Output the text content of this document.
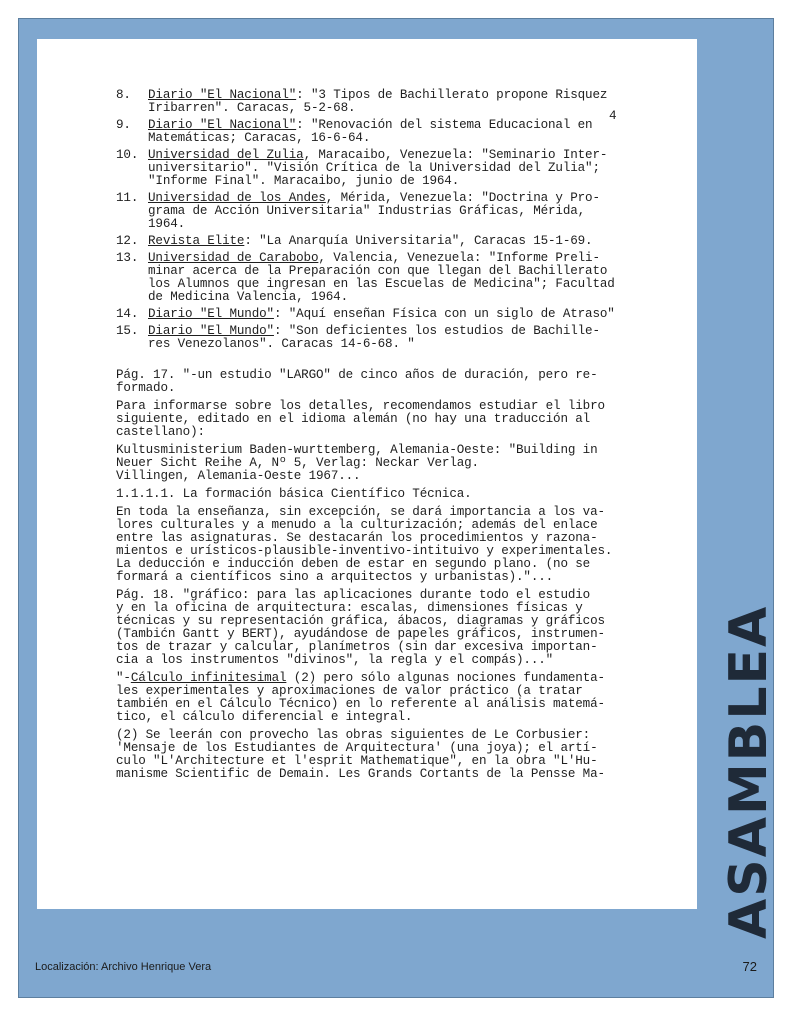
4
8.	Diario "El Nacional": "3 Tipos de Bachillerato propone Risquez
Iribarren". Caracas, 5-2-68.
9.	Diario "El Nacional": "Renovación del sistema Educacional en
Matemáticas; Caracas, 16-6-64.
10. Universidad del Zulia, Maracaibo, Venezuela: "Seminario Inter-
universitario". "Visión Crítica de la Universidad del Zulia";
"Informe Final". Maracaibo, junio de 1964.
11. Universidad de los Andes, Mérida, Venezuela: "Doctrina y Pro-
grama de Acción Universitaria" Industrias Gráficas, Mérida,
1964.
12. Revista Elite: "La Anarquía Universitaria", Caracas 15-1-69.
13. Universidad de Carabobo, Valencia, Venezuela: "Informe Preli-
minar acerca de la Preparación con que llegan del Bachillerato
los Alumnos que ingresan en las Escuelas de Medicina"; Facultad
de Medicina Valencia, 1964.
14. Diario "El Mundo": "Aquí enseñan Física con un siglo de Atraso"
15. Diario "El Mundo": "Son deficientes los estudios de Bachille-
res Venezolanos". Caracas 14-6-68. "
Pág. 17. "-un estudio "LARGO" de cinco años de duración, pero re-
formado.
Para informarse sobre los detalles, recomendamos estudiar el libro
siguiente, editado en el idioma alemán (no hay una traducción al
castellano):
Kultusministerium Baden-wurttemberg, Alemania-Oeste: "Building in
Neuer Sicht Reihe A, Nº 5, Verlag: Neckar Verlag.
Villingen, Alemania-Oeste 1967...
1.1.1.1. La formación básica Científico Técnica.
En toda la enseñanza, sin excepción, se dará importancia a los va-
lores culturales y a menudo a la culturización; además del enlace
entre las asignaturas. Se destacarán los procedimientos y razona-
mientos e urísticos-plausible-inventivo-intituivo y experimentales.
La deducción e inducción deben de estar en segundo plano. (no se
formará a científicos sino a arquitectos y urbanistas)."...
Pág. 18. "gráfico: para las aplicaciones durante todo el estudio
y en la oficina de arquitectura: escalas, dimensiones físicas y
técnicas y su representación gráfica, ábacos, diagramas y gráficos
(Tambićn Gantt y BERT), ayudándose de papeles gráficos, instrumen-
tos de trazar y calcular, planímetros (sin dar excesiva importan-
cia a los instrumentos "divinos", la regla y el compás)..."
"-Cálculo infinitesimal (2) pero sólo algunas nociones fundamenta-
les experimentales y aproximaciones de valor práctico (a tratar
también en el Cálculo Técnico) en lo referente al análisis matemá-
tico, el cálculo diferencial e integral.
(2) Se leerán con provecho las obras siguientes de Le Corbusier:
'Mensaje de los Estudiantes de Arquitectura' (una joya); el artí-
culo "L'Architecture et l'esprit Mathematique", en la obra "L'Hu-
manisme Scientific de Demain. Les Grands Cortants de la Pensse Ma-	ASAMBLEA
Localización: Archivo Henrique Vera	72
